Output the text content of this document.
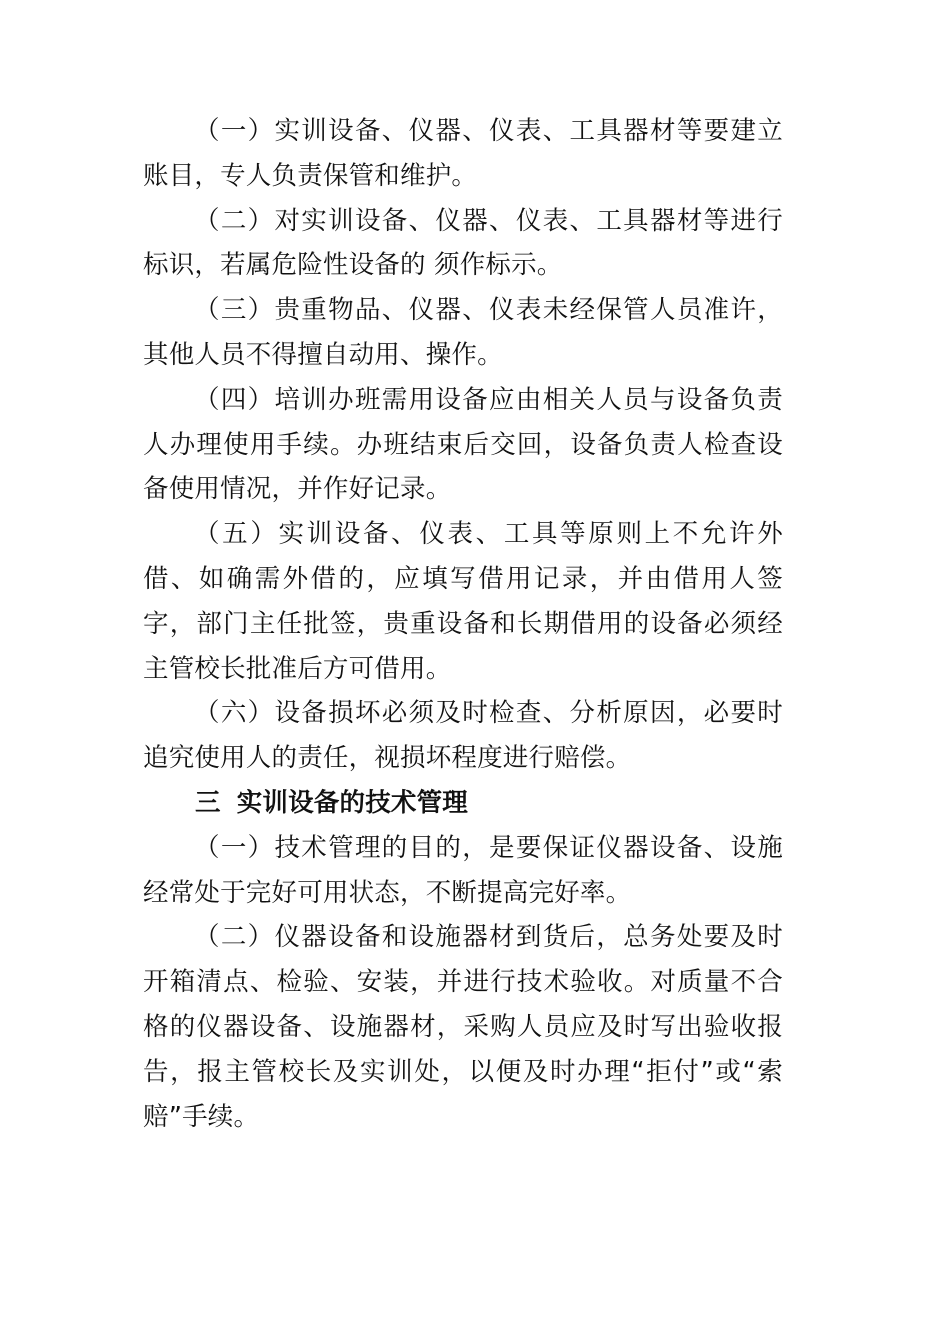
（一）实训设备、仪器、仪表、工具器材等要建立账目，专人负责保管和维护。

（二）对实训设备、仪器、仪表、工具器材等进行标识，若属危险性设备的 须作标示。

（三）贵重物品、仪器、仪表未经保管人员准许，其他人员不得擅自动用、操作。

（四）培训办班需用设备应由相关人员与设备负责人办理使用手续。办班结束后交回，设备负责人检查设备使用情况，并作好记录。

（五）实训设备、仪表、工具等原则上不允许外借、如确需外借的，应填写借用记录，并由借用人签字，部门主任批签，贵重设备和长期借用的设备必须经主管校长批准后方可借用。

（六）设备损坏必须及时检查、分析原因，必要时追究使用人的责任，视损坏程度进行赔偿。

三 实训设备的技术管理

（一）技术管理的目的，是要保证仪器设备、设施经常处于完好可用状态，不断提高完好率。

（二）仪器设备和设施器材到货后，总务处要及时开箱清点、检验、安装，并进行技术验收。对质量不合格的仪器设备、设施器材，采购人员应及时写出验收报告，报主管校长及实训处，以便及时办理“拒付”或“索赔”手续。
